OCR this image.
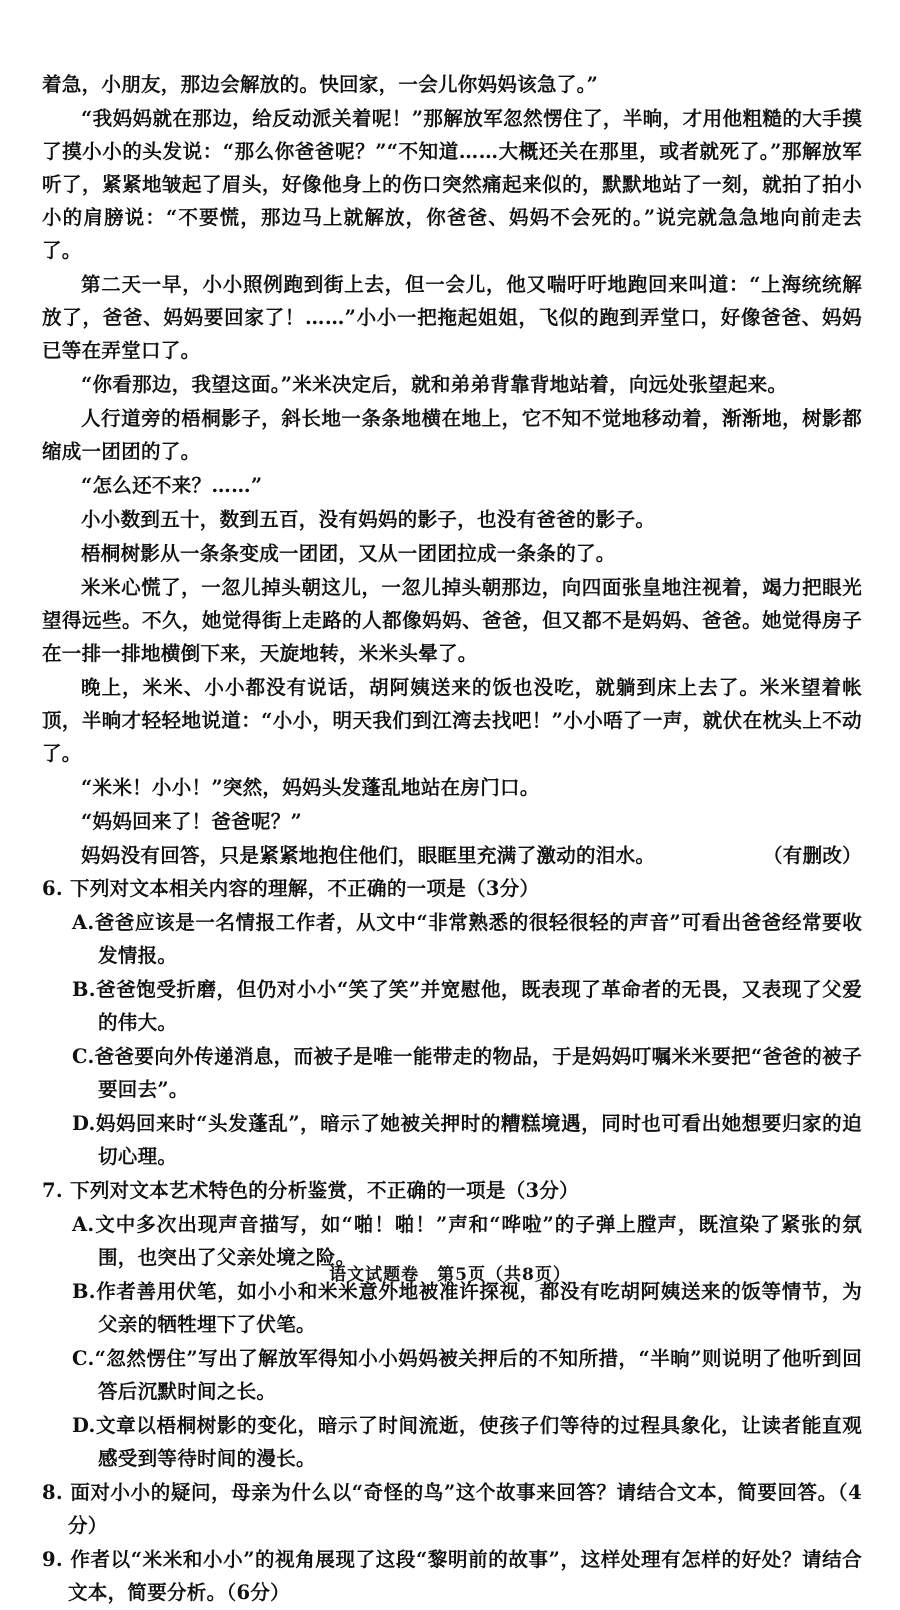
着急，小朋友，那边会解放的。快回家，一会儿你妈妈该急了。”

“我妈妈就在那边，给反动派关着呢！”那解放军忽然愣住了，半晌，才用他粗糙的大手摸了摸小小的头发说：“那么你爸爸呢？”“不知道……大概还关在那里，或者就死了。”那解放军听了，紧紧地皱起了眉头，好像他身上的伤口突然痛起来似的，默默地站了一刻，就拍了拍小小的肩膀说：“不要慌，那边马上就解放，你爸爸、妈妈不会死的。”说完就急急地向前走去了。

第二天一早，小小照例跑到街上去，但一会儿，他又喘吁吁地跑回来叫道：“上海统统解放了，爸爸、妈妈要回家了！……”小小一把拖起姐姐，飞似的跑到弄堂口，好像爸爸、妈妈已等在弄堂口了。

“你看那边，我望这面。”米米决定后，就和弟弟背靠背地站着，向远处张望起来。

人行道旁的梧桐影子，斜长地一条条地横在地上，它不知不觉地移动着，渐渐地，树影都缩成一团团的了。

“怎么还不来？……”

小小数到五十，数到五百，没有妈妈的影子，也没有爸爸的影子。

梧桐树影从一条条变成一团团，又从一团团拉成一条条的了。

米米心慌了，一忽儿掉头朝这儿，一忽儿掉头朝那边，向四面张皇地注视着，竭力把眼光望得远些。不久，她觉得街上走路的人都像妈妈、爸爸，但又都不是妈妈、爸爸。她觉得房子在一排一排地横倒下来，天旋地转，米米头晕了。

晚上，米米、小小都没有说话，胡阿姨送来的饭也没吃，就躺到床上去了。米米望着帐顶，半晌才轻轻地说道：“小小，明天我们到江湾去找吧！”小小唔了一声，就伏在枕头上不动了。

“米米！小小！”突然，妈妈头发蓬乱地站在房门口。

“妈妈回来了！爸爸呢？”

妈妈没有回答，只是紧紧地抱住他们，眼眶里充满了激动的泪水。	（有删改）

6. 下列对文本相关内容的理解，不正确的一项是（3分）

A.爸爸应该是一名情报工作者，从文中“非常熟悉的很轻很轻的声音”可看出爸爸经常要收发情报。

B.爸爸饱受折磨，但仍对小小“笑了笑”并宽慰他，既表现了革命者的无畏，又表现了父爱的伟大。

C.爸爸要向外传递消息，而被子是唯一能带走的物品，于是妈妈叮嘱米米要把“爸爸的被子要回去”。

D.妈妈回来时“头发蓬乱”，暗示了她被关押时的糟糕境遇，同时也可看出她想要归家的迫切心理。

7. 下列对文本艺术特色的分析鉴赏，不正确的一项是（3分）

A.文中多次出现声音描写，如“啪！啪！”声和“哗啦”的子弹上膛声，既渲染了紧张的氛围，也突出了父亲处境之险。

B.作者善用伏笔，如小小和米米意外地被准许探视，都没有吃胡阿姨送来的饭等情节，为父亲的牺牲埋下了伏笔。

C.“忽然愣住”写出了解放军得知小小妈妈被关押后的不知所措，“半晌”则说明了他听到回答后沉默时间之长。

D.文章以梧桐树影的变化，暗示了时间流逝，使孩子们等待的过程具象化，让读者能直观感受到等待时间的漫长。

8. 面对小小的疑问，母亲为什么以“奇怪的鸟”这个故事来回答？请结合文本，简要回答。（4分）

9. 作者以“米米和小小”的视角展现了这段“黎明前的故事”，这样处理有怎样的好处？请结合文本，简要分析。（6分）

语文试题卷　第5页（共8页）
